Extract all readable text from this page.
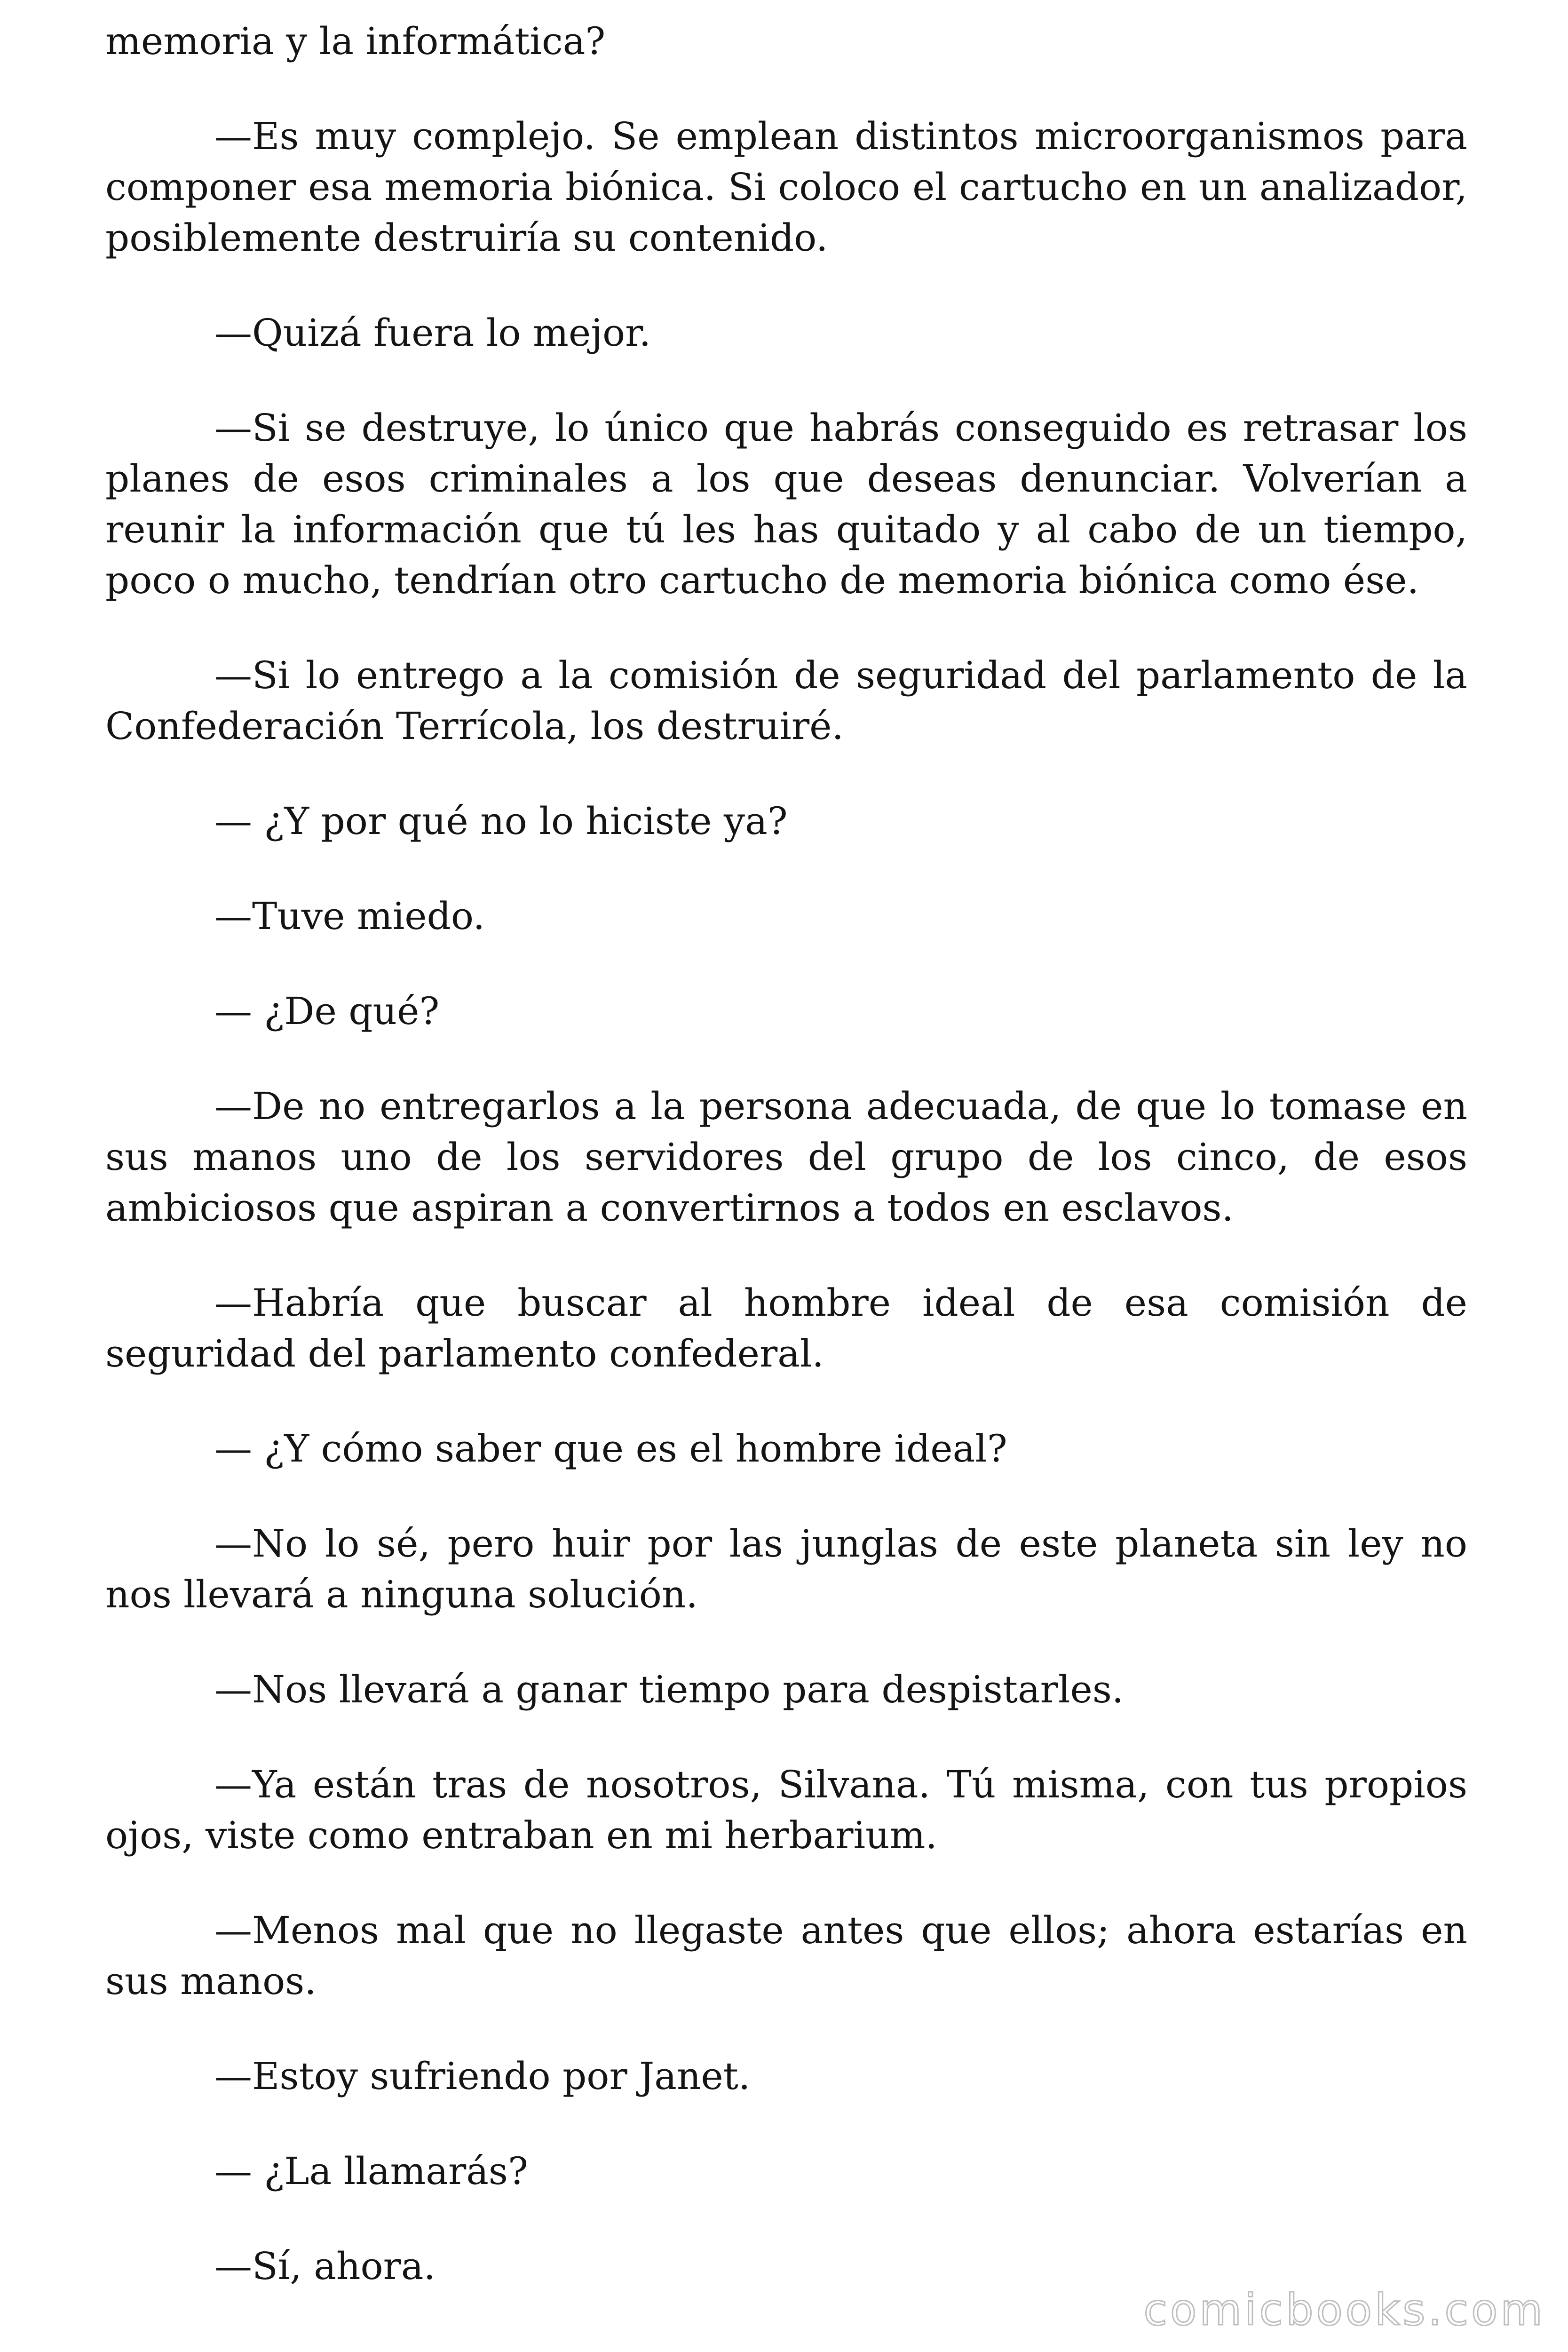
memoria y la informática?

—Es muy complejo. Se emplean distintos microorganismos para componer esa memoria biónica. Si coloco el cartucho en un analizador, posiblemente destruiría su contenido.

—Quizá fuera lo mejor.

—Si se destruye, lo único que habrás conseguido es retrasar los planes de esos criminales a los que deseas denunciar. Volverían a reunir la información que tú les has quitado y al cabo de un tiempo, poco o mucho, tendrían otro cartucho de memoria biónica como ése.

—Si lo entrego a la comisión de seguridad del parlamento de la Confederación Terrícola, los destruiré.

— ¿Y por qué no lo hiciste ya?

—Tuve miedo.

— ¿De qué?

—De no entregarlos a la persona adecuada, de que lo tomase en sus manos uno de los servidores del grupo de los cinco, de esos ambiciosos que aspiran a convertirnos a todos en esclavos.

—Habría que buscar al hombre ideal de esa comisión de seguridad del parlamento confederal.

— ¿Y cómo saber que es el hombre ideal?

—No lo sé, pero huir por las junglas de este planeta sin ley no nos llevará a ninguna solución.

—Nos llevará a ganar tiempo para despistarles.

—Ya están tras de nosotros, Silvana. Tú misma, con tus propios ojos, viste como entraban en mi herbarium.

—Menos mal que no llegaste antes que ellos; ahora estarías en sus manos.

—Estoy sufriendo por Janet.

— ¿La llamarás?

—Sí, ahora.

comicbooks.com
